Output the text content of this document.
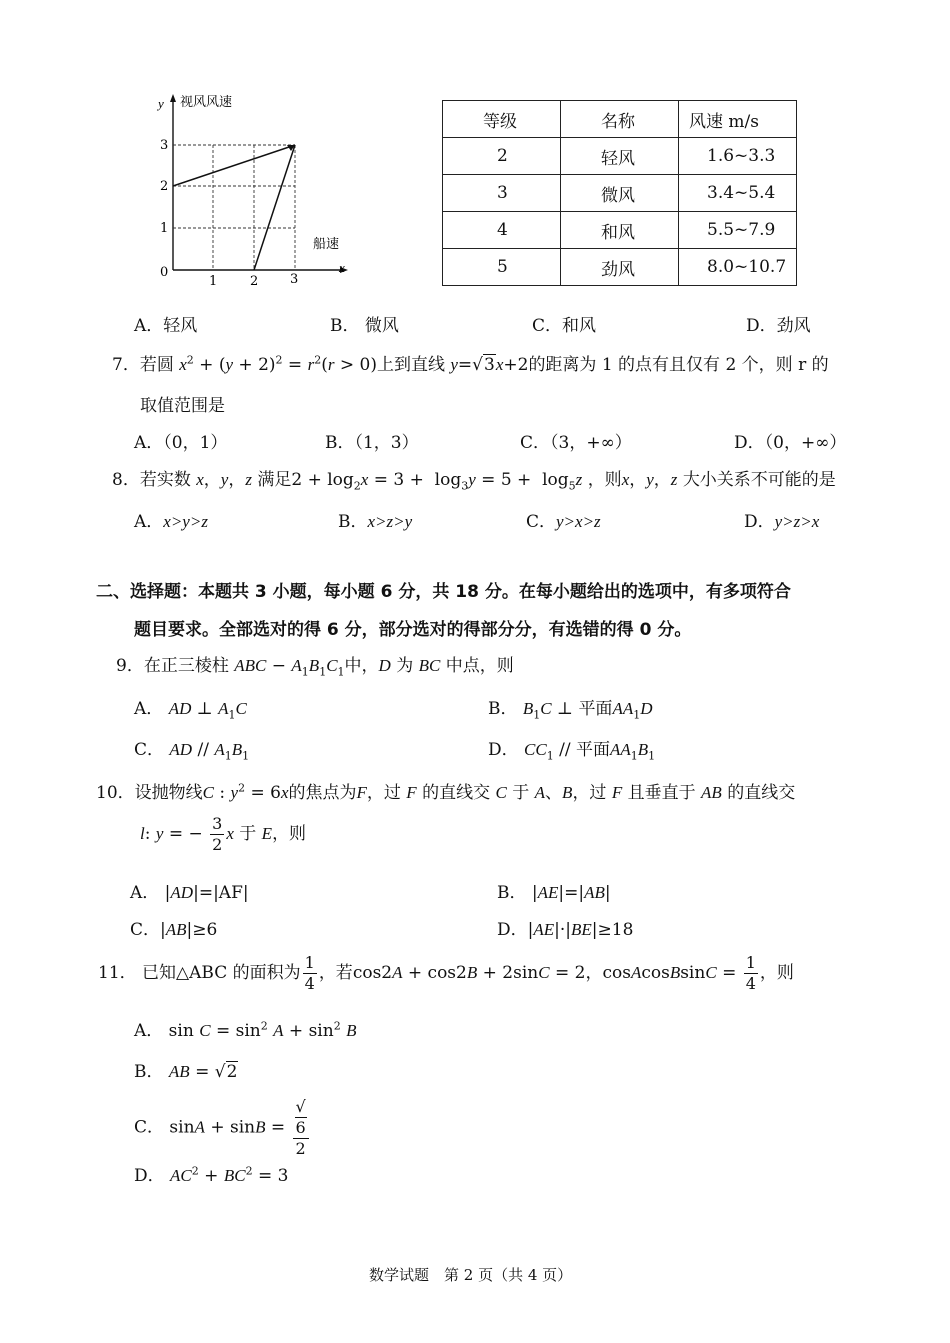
y 视风风速
3
2
1
0
1	2 3
船速
x
等级	名称	风速 m/s
2	轻风	1.6~3.3
3	微风	3.4~5.4
4	和风	5.5~7.9
5	劲风	8.0~10.7
A．轻风	B． 微风	C．和风	D．劲风
7．若圆 $x^2 + (y + 2)^2 = r^2(r > 0)$上到直线 y=√3x+2的距离为 1 的点有且仅有 2 个，则 r 的
取值范围是
A．（0，1）	B．（1，3）	C．（3，+∞）	D．（0，+∞）
8．若实数 x，y，z 满足$2 + \log_2x = 3 + \log_3y = 5 + \log_5z$ ，则x，y，z 大小关系不可能的是
A．x>y>z	B．x>z>y	C．y>x>z	D．y>z>x
二、选择题：本题共 3 小题，每小题 6 分，共 18 分。在每小题给出的选项中，有多项符合
题目要求。全部选对的得 6 分，部分选对的得部分分，有选错的得 0 分。
9．在正三棱柱 ABC − $A_1B_1C_1$中，D 为 BC 中点，则
A． AD ⊥ $A_1C$	B． $B_1C$ ⊥ 平面$AA_1D$
C． AD // $A_1B_1$	D． $CC_1$ // 平面$AA_1B_1$
10．设抛物线C : $y^2 = 6x$的焦点为F，过 F 的直线交 C 于 A、B，过 F 且垂直于 AB 的直线交
l: y = − $\frac{3}{2}$ x 于 E，则
A． |AD|=|AF|	B． |AE|=|AB|
C．|AB|≥6	D．|AE|·|BE|≥18
11． 已知△ABC 的面积为 $\frac{1}{4}$ ，若cos2A + cos2B + 2sinC = 2，cosAcosBsinC = $\frac{1}{4}$ ，则
A． $\sin C = \sin^2 A + \sin^2 B$
B． AB = √2
C． sinA + sinB = √
6
2
D． $AC^2 + BC^2 = 3$
数学试题　第 2 页（共 4 页）
